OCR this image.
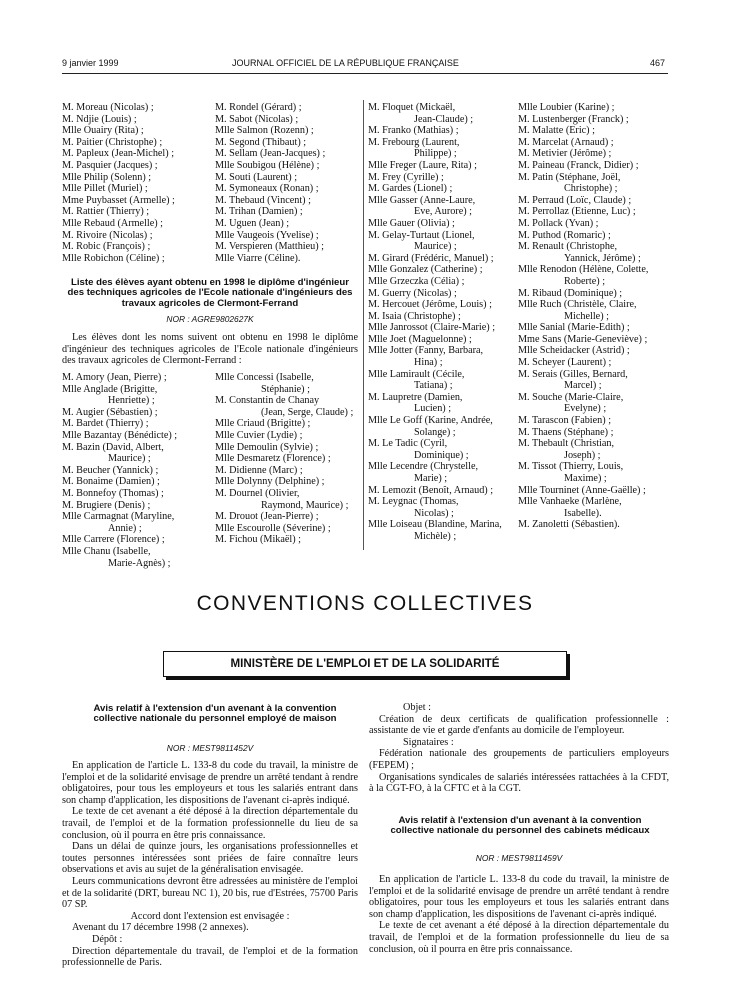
9 janvier 1999	JOURNAL OFFICIEL DE LA RÉPUBLIQUE FRANÇAISE	467
M. Moreau (Nicolas) ;
M. Ndjie (Louis) ;
Mlle Ouairy (Rita) ;
M. Paitier (Christophe) ;
M. Papleux (Jean-Michel) ;
M. Pasquier (Jacques) ;
Mlle Philip (Solenn) ;
Mlle Pillet (Muriel) ;
Mme Puybasset (Armelle) ;
M. Rattier (Thierry) ;
Mlle Rebaud (Armelle) ;
M. Rivoire (Nicolas) ;
M. Robic (François) ;
Mlle Robichon (Céline) ;
M. Rondel (Gérard) ;
M. Sabot (Nicolas) ;
Mlle Salmon (Rozenn) ;
M. Segond (Thibaut) ;
M. Sellam (Jean-Jacques) ;
Mlle Soubigou (Hélène) ;
M. Souti (Laurent) ;
M. Symoneaux (Ronan) ;
M. Thebaud (Vincent) ;
M. Trihan (Damien) ;
M. Uguen (Jean) ;
Mlle Vaugeois (Yvelise) ;
M. Verspieren (Matthieu) ;
Mlle Viarre (Céline).
M. Floquet (Mickaël,
Jean-Claude) ;
M. Franko (Mathias) ;
M. Frebourg (Laurent,
Philippe) ;
Mlle Freger (Laure, Rita) ;
M. Frey (Cyrille) ;
M. Gardes (Lionel) ;
Mlle Gasser (Anne-Laure,
Eve, Aurore) ;
Mlle Gauer (Olivia) ;
M. Gelay-Turtaut (Lionel,
Maurice) ;
M. Girard (Frédéric, Manuel) ;
Mlle Gonzalez (Catherine) ;
Mlle Grzeczka (Célia) ;
M. Guerry (Nicolas) ;
M. Hercouet (Jérôme, Louis) ;
M. Isaia (Christophe) ;
Mlle Janrossot (Claire-Marie) ;
Mlle Joet (Maguelonne) ;
Mlle Jotter (Fanny, Barbara,
Hina) ;
Mlle Lamirault (Cécile,
Tatiana) ;
M. Laupretre (Damien,
Lucien) ;
Mlle Le Goff (Karine, Andrée,
Solange) ;
M. Le Tadic (Cyril,
Dominique) ;
Mlle Lecendre (Chrystelle,
Marie) ;
M. Lemozit (Benoît, Arnaud) ;
M. Leygnac (Thomas,
Nicolas) ;
Mlle Loiseau (Blandine, Marina,
Michèle) ;
Mlle Loubier (Karine) ;
M. Lustenberger (Franck) ;
M. Malatte (Eric) ;
M. Marcelat (Arnaud) ;
M. Metivier (Jérôme) ;
M. Paineau (Franck, Didier) ;
M. Patin (Stéphane, Joël,
Christophe) ;
M. Perraud (Loïc, Claude) ;
M. Perrollaz (Etienne, Luc) ;
M. Pollack (Yvan) ;
M. Puthod (Romaric) ;
M. Renault (Christophe,
Yannick, Jérôme) ;
Mlle Renodon (Hélène, Colette,
Roberte) ;
M. Ribaud (Dominique) ;
Mlle Ruch (Christèle, Claire,
Michelle) ;
Mlle Sanial (Marie-Edith) ;
Mme Sans (Marie-Geneviève) ;
Mlle Scheidacker (Astrid) ;
M. Scheyer (Laurent) ;
M. Serais (Gilles, Bernard,
Marcel) ;
M. Souche (Marie-Claire,
Evelyne) ;
M. Tarascon (Fabien) ;
M. Thaens (Stéphane) ;
M. Thebault (Christian,
Joseph) ;
M. Tissot (Thierry, Louis,
Maxime) ;
Mlle Tourninet (Anne-Gaëlle) ;
Mlle Vanhaeke (Marlène,
Isabelle).
M. Zanoletti (Sébastien).
Liste des élèves ayant obtenu en 1998 le diplôme d'ingénieur des techniques agricoles de l'Ecole nationale d'ingénieurs des travaux agricoles de Clermont-Ferrand
NOR : AGRE9802627K
Les élèves dont les noms suivent ont obtenu en 1998 le diplôme d'ingénieur des techniques agricoles de l'Ecole nationale d'ingénieurs des travaux agricoles de Clermont-Ferrand :
M. Amory (Jean, Pierre) ;
Mlle Anglade (Brigitte,
Henriette) ;
M. Augier (Sébastien) ;
M. Bardet (Thierry) ;
Mlle Bazantay (Bénédicte) ;
M. Bazin (David, Albert,
Maurice) ;
M. Beucher (Yannick) ;
M. Bonaime (Damien) ;
M. Bonnefoy (Thomas) ;
M. Brugiere (Denis) ;
Mlle Carmagnat (Maryline,
Annie) ;
Mlle Carrere (Florence) ;
Mlle Chanu (Isabelle,
Marie-Agnès) ;
Mlle Concessi (Isabelle,
Stéphanie) ;
M. Constantin de Chanay
(Jean, Serge, Claude) ;
Mlle Criaud (Brigitte) ;
Mlle Cuvier (Lydie) ;
Mlle Demoulin (Sylvie) ;
Mlle Desmaretz (Florence) ;
M. Didienne (Marc) ;
Mlle Dolynny (Delphine) ;
M. Dournel (Olivier,
Raymond, Maurice) ;
M. Drouot (Jean-Pierre) ;
Mlle Escourolle (Séverine) ;
M. Fichou (Mikaël) ;
CONVENTIONS COLLECTIVES
MINISTÈRE DE L'EMPLOI ET DE LA SOLIDARITÉ
Avis relatif à l'extension d'un avenant à la convention collective nationale du personnel employé de maison
NOR : MEST9811452V
En application de l'article L. 133-8 du code du travail, la ministre de l'emploi et de la solidarité envisage de prendre un arrêté tendant à rendre obligatoires, pour tous les employeurs et tous les salariés entrant dans son champ d'application, les dispositions de l'avenant ci-après indiqué.
Le texte de cet avenant a été déposé à la direction départementale du travail, de l'emploi et de la formation professionnelle du lieu de sa conclusion, où il pourra en être pris connaissance.
Dans un délai de quinze jours, les organisations professionnelles et toutes personnes intéressées sont priées de faire connaître leurs observations et avis au sujet de la généralisation envisagée.
Leurs communications devront être adressées au ministère de l'emploi et de la solidarité (DRT, bureau NC 1), 20 bis, rue d'Estrées, 75700 Paris 07 SP.
Accord dont l'extension est envisagée :
Avenant du 17 décembre 1998 (2 annexes).
Dépôt :
Direction départementale du travail, de l'emploi et de la formation professionnelle de Paris.
Objet :
Création de deux certificats de qualification professionnelle : assistante de vie et garde d'enfants au domicile de l'employeur.
Signataires :
Fédération nationale des groupements de particuliers employeurs (FEPEM) ;
Organisations syndicales de salariés intéressées rattachées à la CFDT, à la CGT-FO, à la CFTC et à la CGT.
Avis relatif à l'extension d'un avenant à la convention collective nationale du personnel des cabinets médicaux
NOR : MEST9811459V
En application de l'article L. 133-8 du code du travail, la ministre de l'emploi et de la solidarité envisage de prendre un arrêté tendant à rendre obligatoires, pour tous les employeurs et tous les salariés entrant dans son champ d'application, les dispositions de l'avenant ci-après indiqué.
Le texte de cet avenant a été déposé à la direction départementale du travail, de l'emploi et de la formation professionnelle du lieu de sa conclusion, où il pourra en être pris connaissance.
